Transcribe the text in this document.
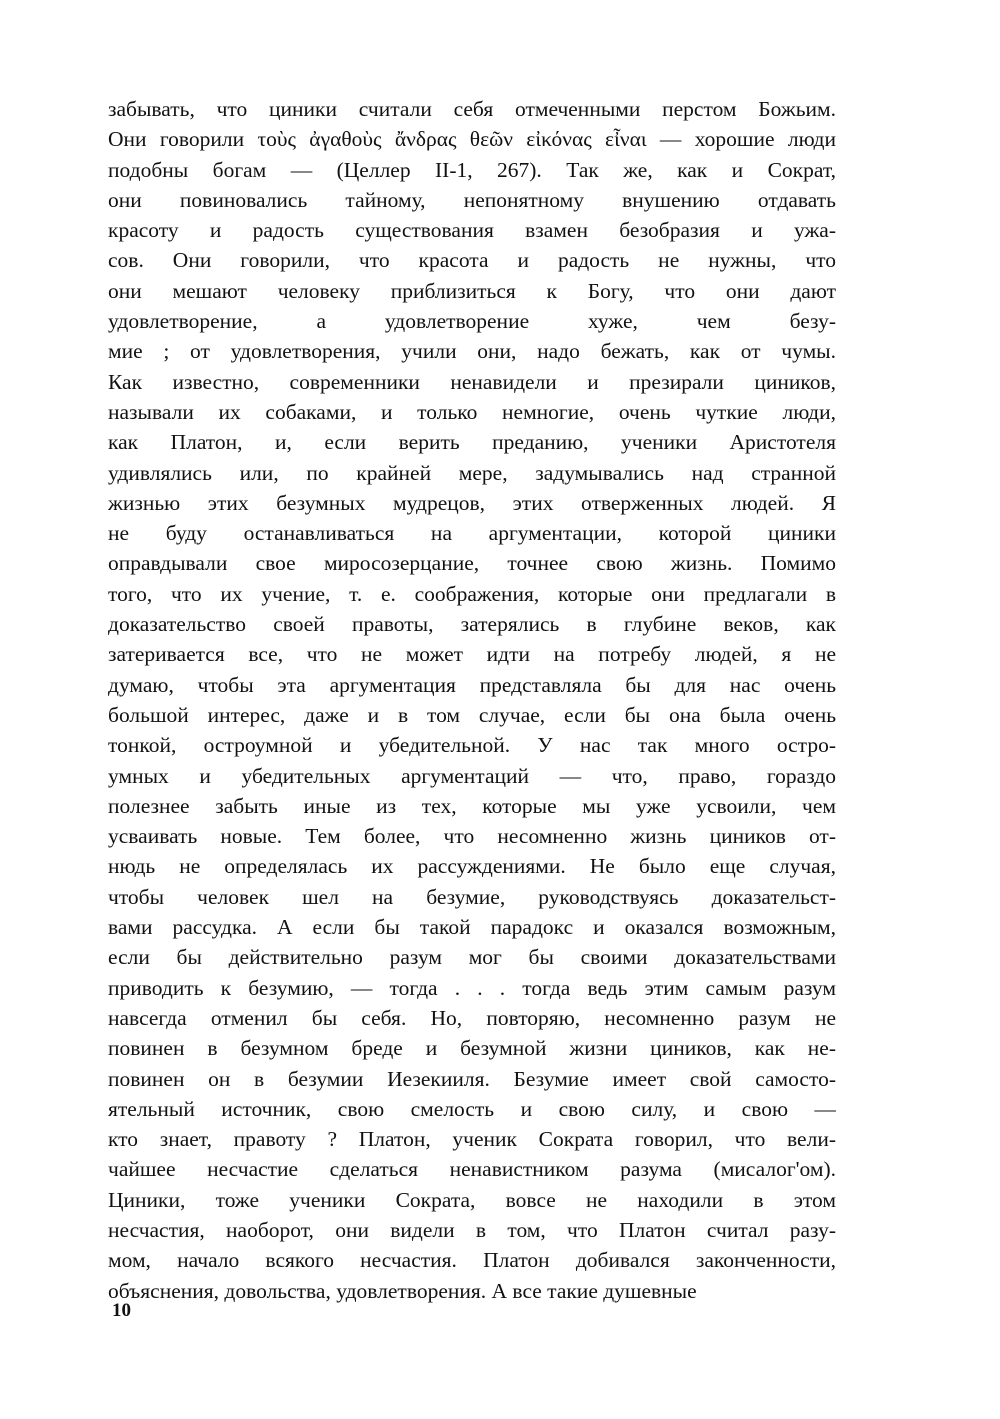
забывать, что циники считали себя отмеченными перстом Божьим.
Они говорили τοὺς ἀγαθοὺς ἄνδρας θεῶν εἰκόνας εἶναι — хорошие люди
подобны богам — (Целлер II-1, 267). Так же, как и Сократ,
они повиновались тайному, непонятному внушению отдавать
красоту и радость существования взамен безобразия и ужа-
сов. Они говорили, что красота и радость не нужны, что
они мешают человеку приблизиться к Богу, что они дают
удовлетворение, а удовлетворение хуже, чем безу-
мие ; от удовлетворения, учили они, надо бежать, как от чумы.
Как известно, современники ненавидели и презирали циников,
называли их собаками, и только немногие, очень чуткие люди,
как Платон, и, если верить преданию, ученики Аристотеля
удивлялись или, по крайней мере, задумывались над странной
жизнью этих безумных мудрецов, этих отверженных людей. Я
не буду останавливаться на аргументации, которой циники
оправдывали свое миросозерцание, точнее свою жизнь. Помимо
того, что их учение, т. е. соображения, которые они предлагали в
доказательство своей правоты, затерялись в глубине веков, как
затеривается все, что не может идти на потребу людей, я не
думаю, чтобы эта аргументация представляла бы для нас очень
большой интерес, даже и в том случае, если бы она была очень
тонкой, остроумной и убедительной. У нас так много остро-
умных и убедительных аргументаций — что, право, гораздо
полезнее забыть иные из тех, которые мы уже усвоили, чем
усваивать новые. Тем более, что несомненно жизнь циников от-
нюдь не определялась их рассуждениями. Не было еще случая,
чтобы человек шел на безумие, руководствуясь доказательст-
вами рассудка. А если бы такой парадокс и оказался возможным,
если бы действительно разум мог бы своими доказательствами
приводить к безумию, — тогда . . . тогда ведь этим самым разум
навсегда отменил бы себя. Но, повторяю, несомненно разум не
повинен в безумном бреде и безумной жизни циников, как не-
повинен он в безумии Иезекииля. Безумие имеет свой самосто-
ятельный источник, свою смелость и свою силу, и свою —
кто знает, правоту ? Платон, ученик Сократа говорил, что вели-
чайшее несчастие сделаться ненавистником разума (мисалог'ом).
Циники, тоже ученики Сократа, вовсе не находили в этом
несчастия, наоборот, они видели в том, что Платон считал разу-
мом, начало всякого несчастия. Платон добивался законченности,
объяснения, довольства, удовлетворения. А все такие душевные
10
